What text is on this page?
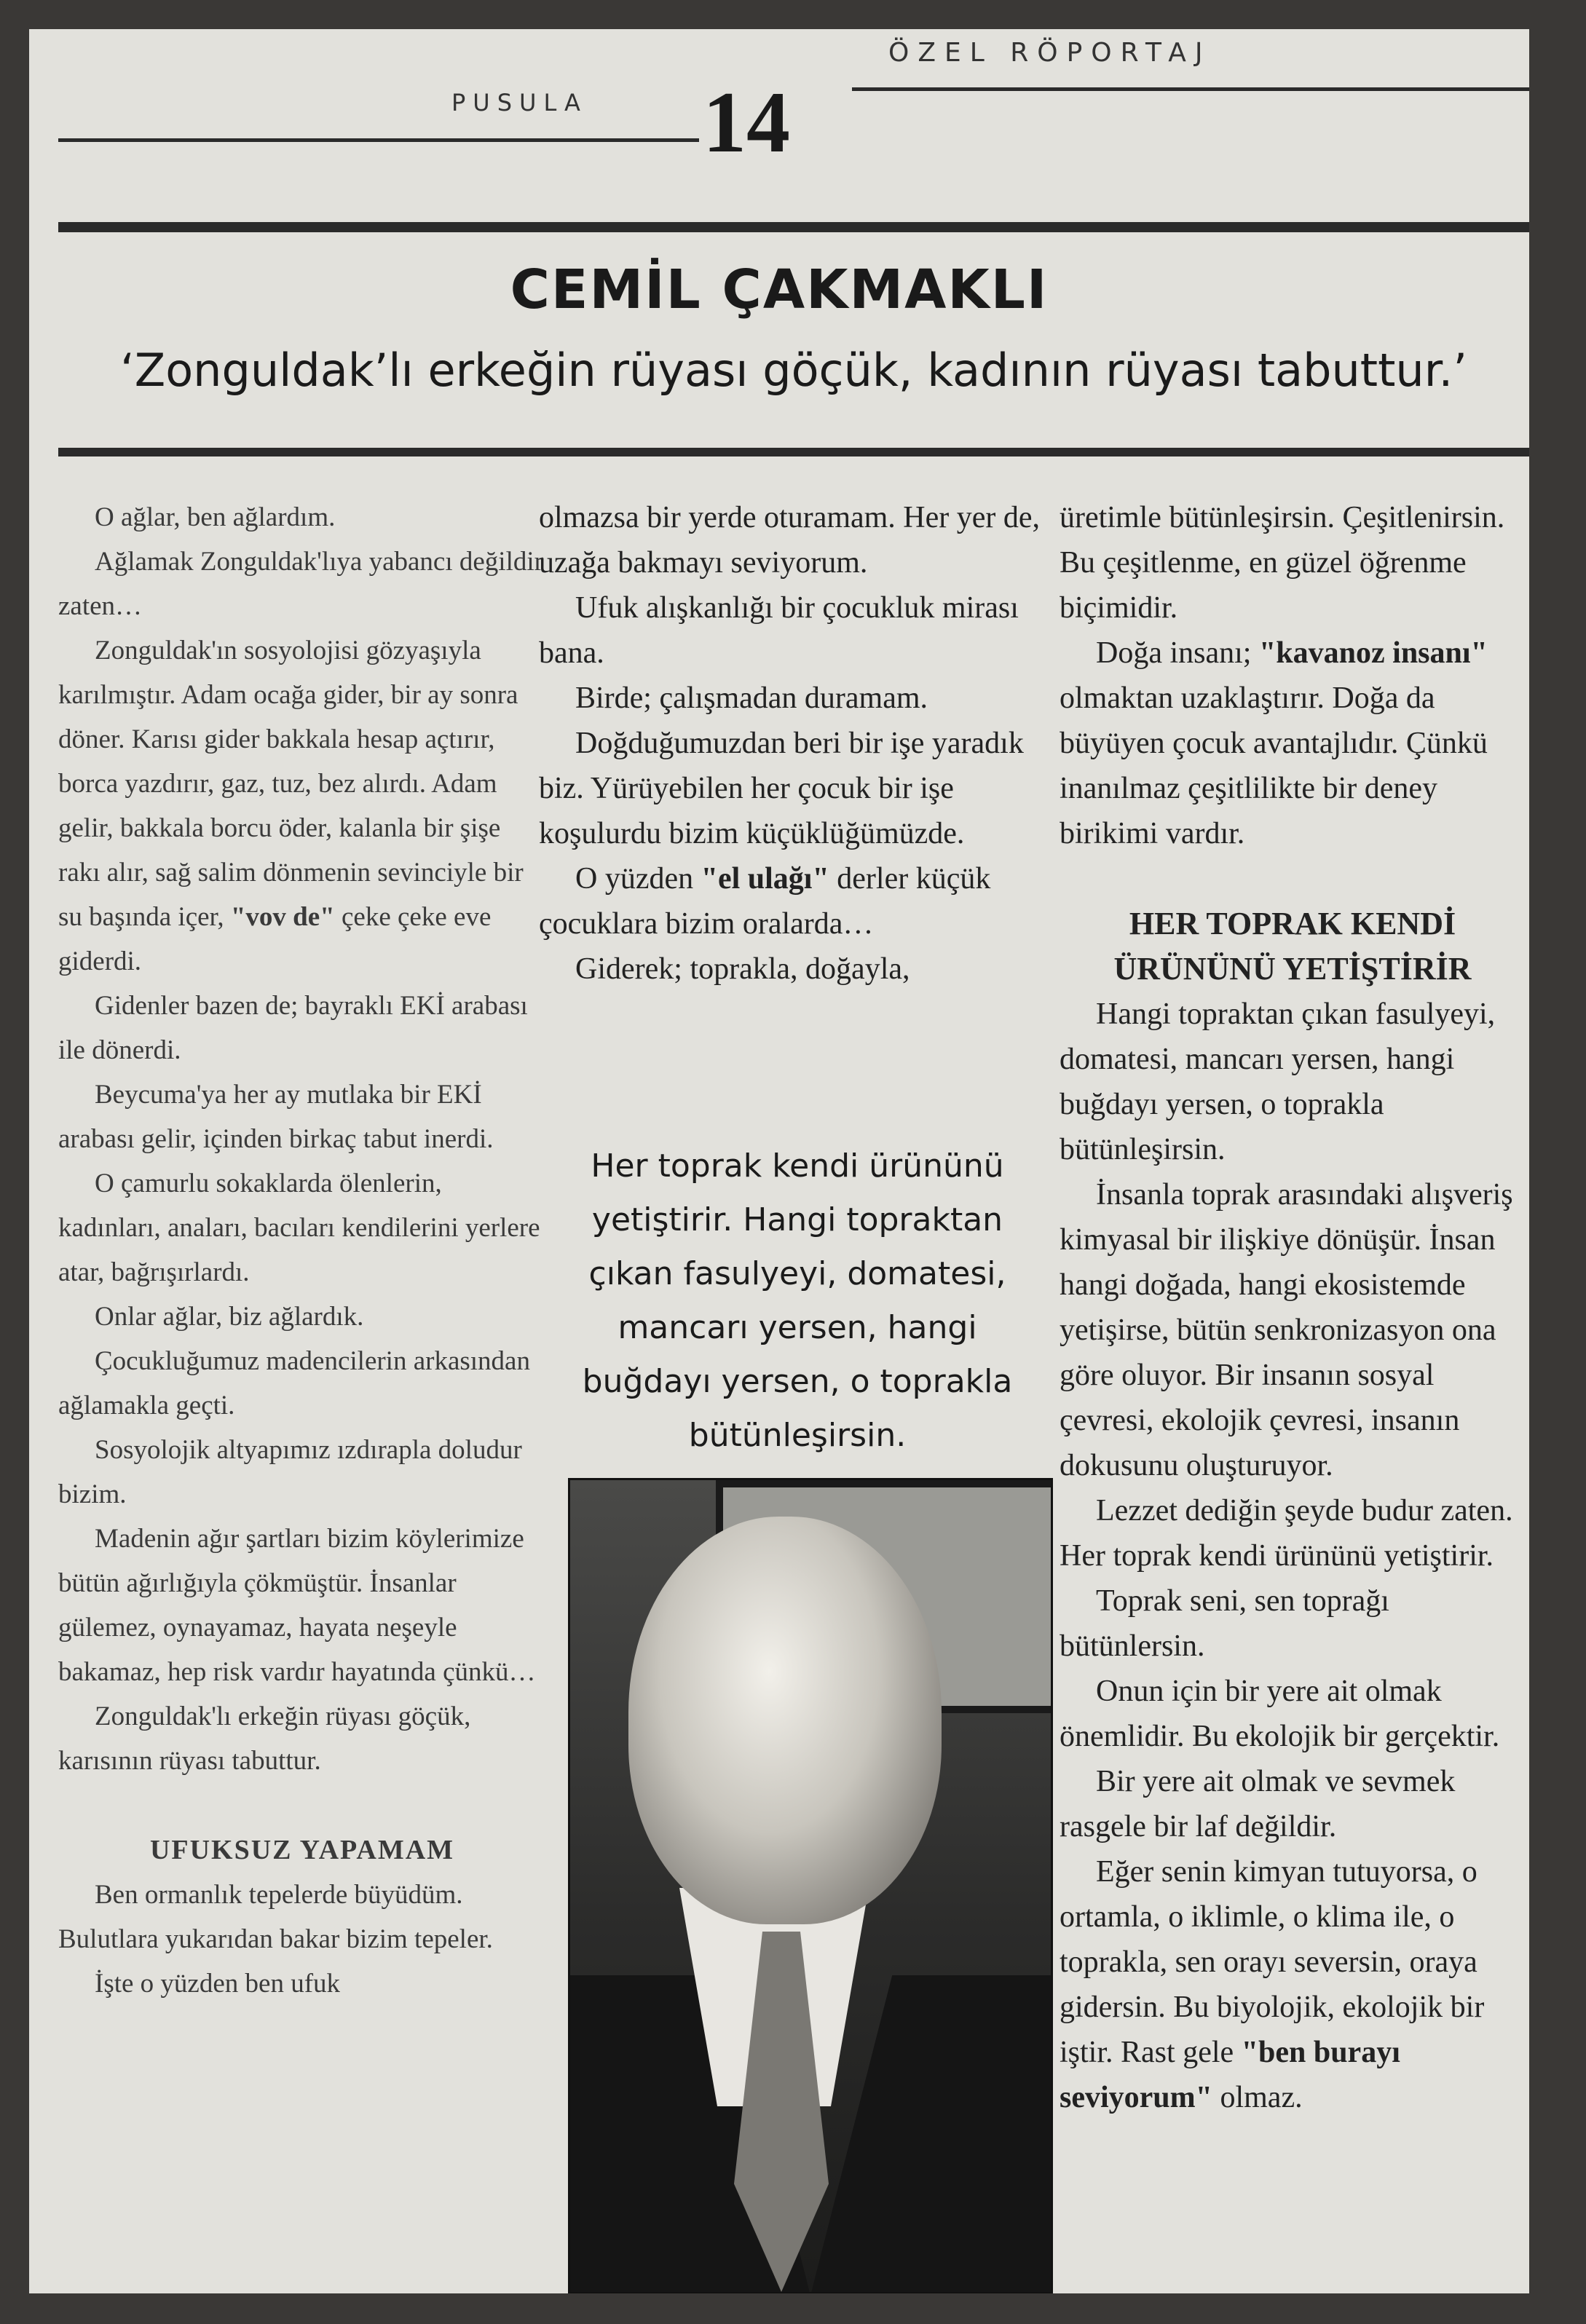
PUSULA 14
ÖZEL RÖPORTAJ
CEMİL ÇAKMAKLI
‘Zonguldak’lı erkeğin rüyası göçük, kadının rüyası tabuttur.’

O ağlar, ben ağlardım.

Ağlamak Zonguldak'lıya yabancı değildir zaten…

Zonguldak'ın sosyolojisi gözyaşıyla karılmıştır. Adam ocağa gider, bir ay sonra döner. Karısı gider bakkala hesap açtırır, borca yazdırır, gaz, tuz, bez alırdı. Adam gelir, bakkala borcu öder, kalanla bir şişe rakı alır, sağ salim dönmenin sevinciyle bir su başında içer, "vov de" çeke çeke eve giderdi.

Gidenler bazen de; bayraklı EKİ arabası ile dönerdi.

Beycuma'ya her ay mutlaka bir EKİ arabası gelir, içinden birkaç tabut inerdi.

O çamurlu sokaklarda ölenlerin, kadınları, anaları, bacıları kendilerini yerlere atar, bağrışırlardı.

Onlar ağlar, biz ağlardık.

Çocukluğumuz madencilerin arkasından ağlamakla geçti.

Sosyolojik altyapımız ızdırapla doludur bizim.

Madenin ağır şartları bizim köylerimize bütün ağırlığıyla çökmüştür. İnsanlar gülemez, oynayamaz, hayata neşeyle bakamaz, hep risk vardır hayatında çünkü…

Zonguldak'lı erkeğin rüyası göçük, karısının rüyası tabuttur.

UFUKSUZ YAPAMAM

Ben ormanlık tepelerde büyüdüm. Bulutlara yukarıdan bakar bizim tepeler.

İşte o yüzden ben ufuk

olmazsa bir yerde oturamam. Her yer de, uzağa bakmayı seviyorum.

Ufuk alışkanlığı bir çocukluk mirası bana.

Birde; çalışmadan duramam.

Doğduğumuzdan beri bir işe yaradık biz. Yürüyebilen her çocuk bir işe koşulurdu bizim küçüklüğümüzde.

O yüzden "el ulağı" derler küçük çocuklara bizim oralarda…

Giderek; toprakla, doğayla,

Her toprak kendi ürününü yetiştirir. Hangi topraktan çıkan fasulyeyi, domatesi, mancarı yersen, hangi buğdayı yersen, o toprakla bütünleşirsin.

üretimle bütünleşirsin. Çeşitlenirsin. Bu çeşitlenme, en güzel öğrenme biçimidir.

Doğa insanı; "kavanoz insanı" olmaktan uzaklaştırır. Doğa da büyüyen çocuk avantajlıdır. Çünkü inanılmaz çeşitlilikte bir deney birikimi vardır.

HER TOPRAK KENDİ ÜRÜNÜNÜ YETİŞTİRİR

Hangi topraktan çıkan fasulyeyi, domatesi, mancarı yersen, hangi buğdayı yersen, o toprakla bütünleşirsin.

İnsanla toprak arasındaki alışveriş kimyasal bir ilişkiye dönüşür. İnsan hangi doğada, hangi ekosistemde yetişirse, bütün senkronizasyon ona göre oluyor. Bir insanın sosyal çevresi, ekolojik çevresi, insanın dokusunu oluşturuyor.

Lezzet dediğin şeyde budur zaten. Her toprak kendi ürününü yetiştirir.

Toprak seni, sen toprağı bütünlersin.

Onun için bir yere ait olmak önemlidir. Bu ekolojik bir gerçektir.

Bir yere ait olmak ve sevmek rasgele bir laf değildir.

Eğer senin kimyan tutuyorsa, o ortamla, o iklimle, o klima ile, o toprakla, sen orayı seversin, oraya gidersin. Bu biyolojik, ekolojik bir iştir. Rast gele "ben burayı seviyorum" olmaz.
